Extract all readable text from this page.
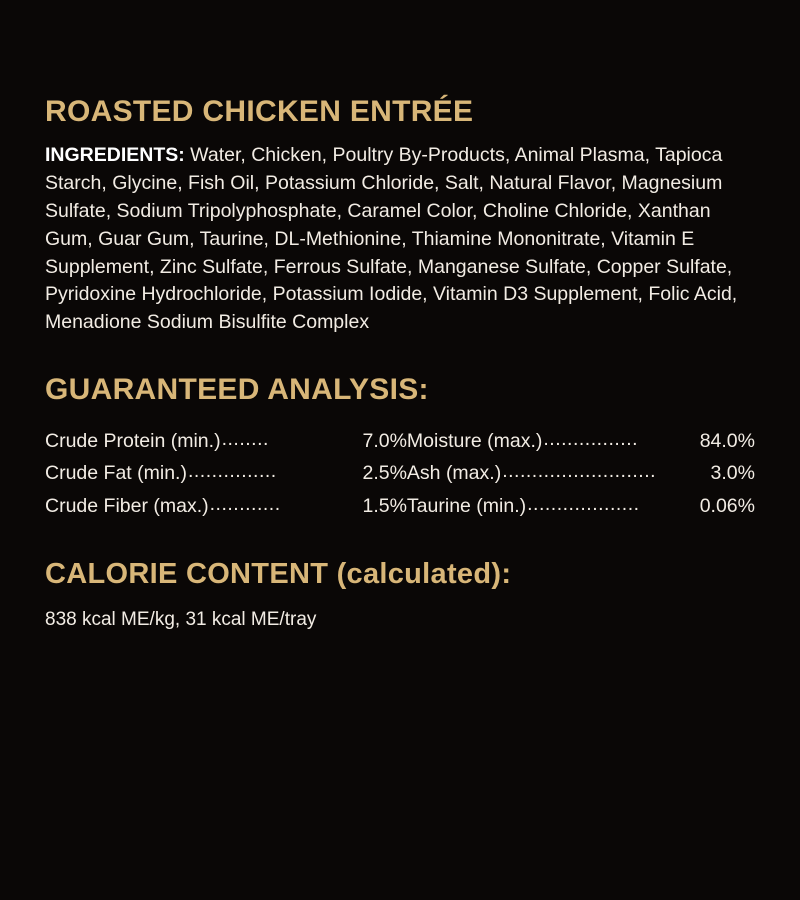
ROASTED CHICKEN ENTRÉE

INGREDIENTS: Water, Chicken, Poultry By-Products, Animal Plasma, Tapioca Starch, Glycine, Fish Oil, Potassium Chloride, Salt, Natural Flavor, Magnesium Sulfate, Sodium Tripolyphosphate, Caramel Color, Choline Chloride, Xanthan Gum, Guar Gum, Taurine, DL-Methionine, Thiamine Mononitrate, Vitamin E Supplement, Zinc Sulfate, Ferrous Sulfate, Manganese Sulfate, Copper Sulfate, Pyridoxine Hydrochloride, Potassium Iodide, Vitamin D3 Supplement, Folic Acid, Menadione Sodium Bisulfite Complex

GUARANTEED ANALYSIS:
Crude Protein (min.) ........	7.0%
Crude Fat (min.) ...............	2.5%
Crude Fiber (max.) ............	1.5%
Moisture (max.) ................	84.0%
Ash (max.) ..........................	3.0%
Taurine (min.) ...................	0.06%
CALORIE CONTENT (calculated):
838 kcal ME/kg, 31 kcal ME/tray
